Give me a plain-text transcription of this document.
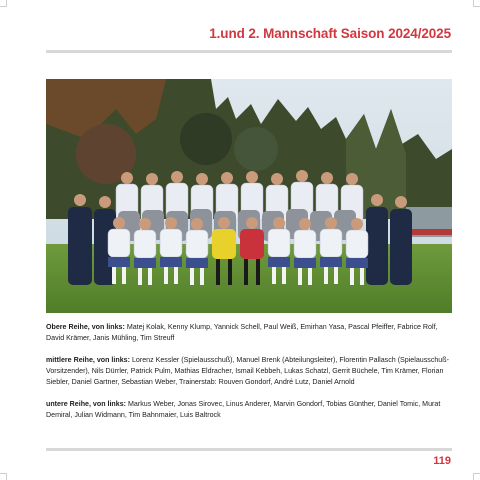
1.und 2. Mannschaft Saison 2024/2025

Obere Reihe, von links: Matej Kolak, Kenny Klump, Yannick Schell, Paul Weiß, Emirhan Yasa, Pascal Pfeiffer, Fabrice Rolf, David Krämer, Janis Mühling, Tim Streuff

mittlere Reihe, von links: Lorenz Kessler (Spielausschuß), Manuel Brenk (Abteilungsleiter), Florentin Pallasch (Spielausschuß-Vorsitzender), Nils Dürrler, Patrick Pulm, Mathias Eldracher, Ismail Kebbeh, Lukas Schatzl, Gerrit Büchele, Tim Krämer, Florian Siebler, Daniel Gartner, Sebastian Weber, Trainerstab: Rouven Gondorf, André Lutz, Daniel Arnold

untere Reihe, von links: Markus Weber, Jonas Sirovec, Linus Anderer, Marvin Gondorf, Tobias Günther, Daniel Tomic, Murat Demiral, Julian Widmann, Tim Bahnmaier, Luis Baltrock

119
